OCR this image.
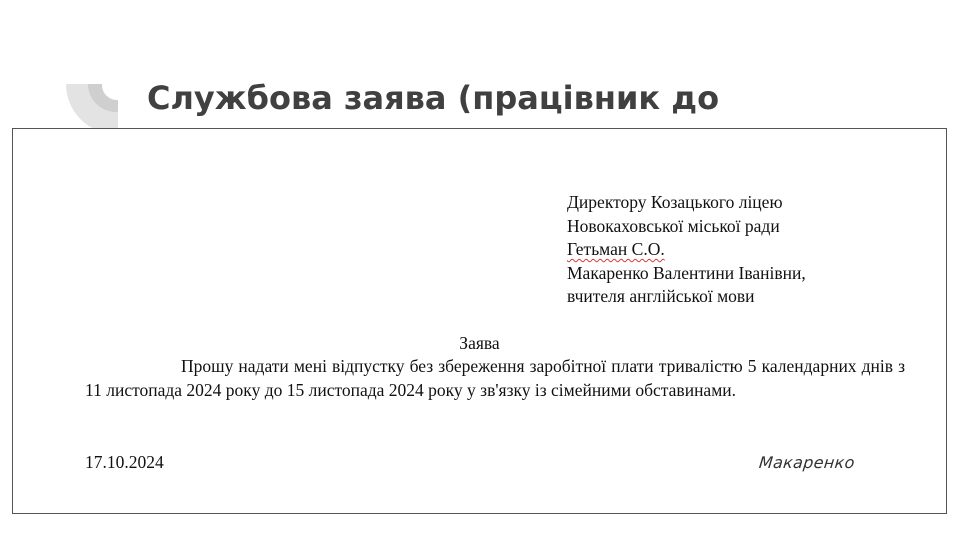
Службова заява (працівник до
Директору Козацького ліцею
Новокаховської міської ради
Гетьман С.О.
Макаренко Валентини Іванівни,
вчителя англійської мови
Заява

Прошу надати мені відпустку без збереження заробітної плати тривалістю 5 календарних днів з 11 листопада 2024 року до 15 листопада 2024 року у зв'язку із сімейними обставинами.

17.10.2024	Макаренко
